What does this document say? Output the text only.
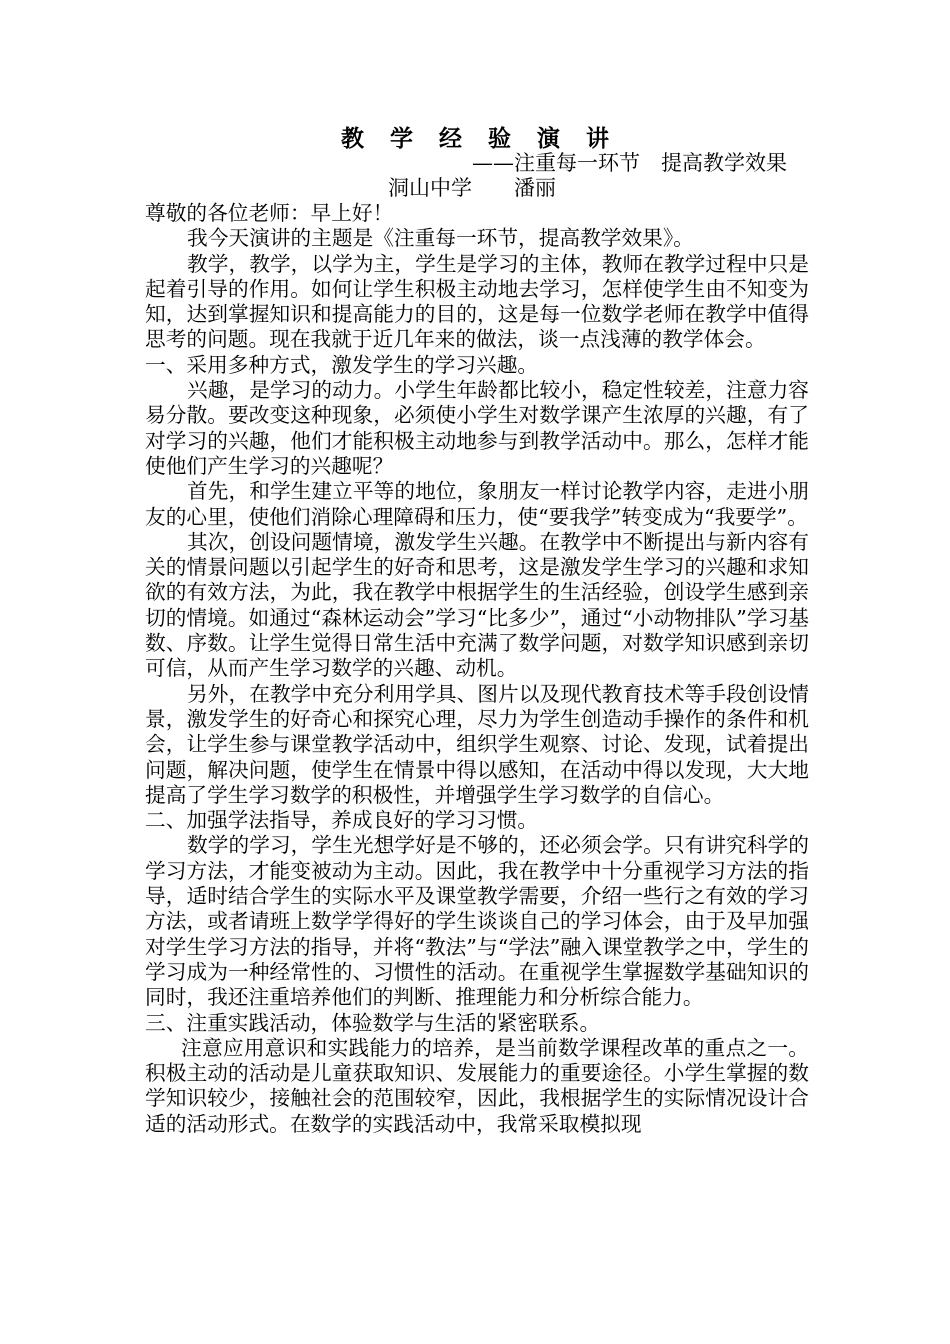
教学经验演讲
——注重每一环节　提高教学效果
洞山中学　　潘丽

尊敬的各位老师：早上好！

我今天演讲的主题是《注重每一环节，提高教学效果》。

教学，教学，以学为主，学生是学习的主体，教师在教学过程中只是起着引导的作用。如何让学生积极主动地去学习，怎样使学生由不知变为知，达到掌握知识和提高能力的目的，这是每一位数学老师在教学中值得思考的问题。现在我就于近几年来的做法，谈一点浅薄的教学体会。

一、采用多种方式，激发学生的学习兴趣。

兴趣，是学习的动力。小学生年龄都比较小，稳定性较差，注意力容易分散。要改变这种现象，必须使小学生对数学课产生浓厚的兴趣，有了对学习的兴趣，他们才能积极主动地参与到教学活动中。那么，怎样才能使他们产生学习的兴趣呢？

首先，和学生建立平等的地位，象朋友一样讨论教学内容，走进小朋友的心里，使他们消除心理障碍和压力，使“要我学”转变成为“我要学”。

其次，创设问题情境，激发学生兴趣。在教学中不断提出与新内容有关的情景问题以引起学生的好奇和思考，这是激发学生学习的兴趣和求知欲的有效方法，为此，我在教学中根据学生的生活经验，创设学生感到亲切的情境。如通过“森林运动会”学习“比多少”，通过“小动物排队”学习基数、序数。让学生觉得日常生活中充满了数学问题，对数学知识感到亲切可信，从而产生学习数学的兴趣、动机。

另外，在教学中充分利用学具、图片以及现代教育技术等手段创设情景，激发学生的好奇心和探究心理，尽力为学生创造动手操作的条件和机会，让学生参与课堂教学活动中，组织学生观察、讨论、发现，试着提出问题，解决问题，使学生在情景中得以感知，在活动中得以发现，大大地提高了学生学习数学的积极性，并增强学生学习数学的自信心。

二、加强学法指导，养成良好的学习习惯。

数学的学习，学生光想学好是不够的，还必须会学。只有讲究科学的学习方法，才能变被动为主动。因此，我在教学中十分重视学习方法的指导，适时结合学生的实际水平及课堂教学需要，介绍一些行之有效的学习方法，或者请班上数学学得好的学生谈谈自己的学习体会，由于及早加强对学生学习方法的指导，并将“教法”与“学法”融入课堂教学之中，学生的学习成为一种经常性的、习惯性的活动。在重视学生掌握数学基础知识的同时，我还注重培养他们的判断、推理能力和分析综合能力。

三、注重实践活动，体验数学与生活的紧密联系。

注意应用意识和实践能力的培养，是当前数学课程改革的重点之一。积极主动的活动是儿童获取知识、发展能力的重要途径。小学生掌握的数学知识较少，接触社会的范围较窄，因此，我根据学生的实际情况设计合适的活动形式。在数学的实践活动中，我常采取模拟现
